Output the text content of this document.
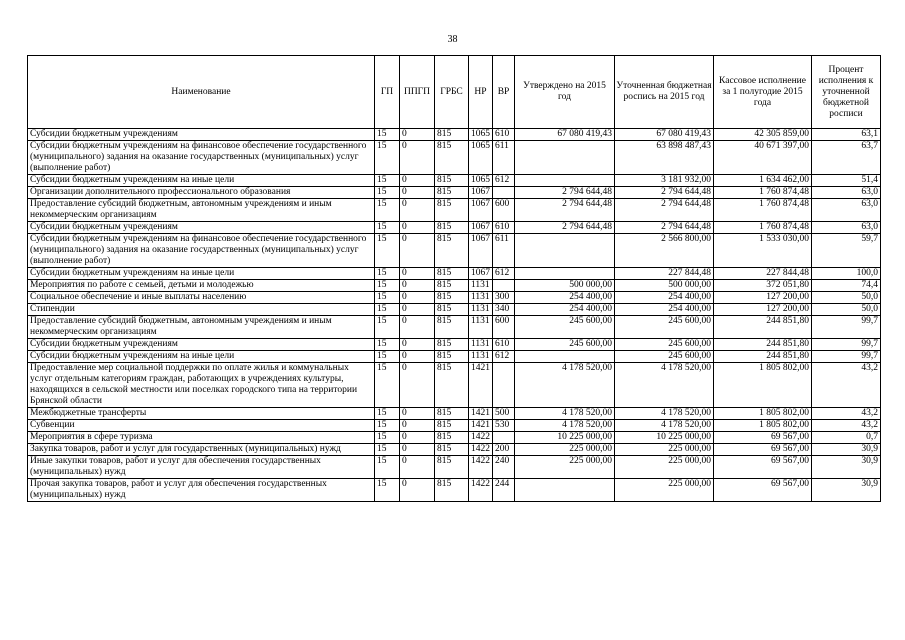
38
Наименование	ГП	ППГП	ГРБС	НР	ВР	Утверждено на 2015 год	Уточненная бюджетная роспись на 2015 год	Кассовое исполнение за 1 полугодие 2015 года	Процент исполнения к уточненной бюджетной росписи
Субсидии бюджетным учреждениям	15	0	815	1065	610	67 080 419,43	67 080 419,43	42 305 859,00	63,1
Субсидии бюджетным учреждениям на финансовое обеспечение государственного (муниципального) задания на оказание государственных (муниципальных) услуг (выполнение работ)	15	0	815	1065	611		63 898 487,43	40 671 397,00	63,7
Субсидии бюджетным учреждениям на иные цели	15	0	815	1065	612		3 181 932,00	1 634 462,00	51,4
Организации дополнительного профессионального образования	15	0	815	1067		2 794 644,48	2 794 644,48	1 760 874,48	63,0
Предоставление субсидий бюджетным, автономным учреждениям и иным некоммерческим организациям	15	0	815	1067	600	2 794 644,48	2 794 644,48	1 760 874,48	63,0
Субсидии бюджетным учреждениям	15	0	815	1067	610	2 794 644,48	2 794 644,48	1 760 874,48	63,0
Субсидии бюджетным учреждениям на финансовое обеспечение государственного (муниципального) задания на оказание государственных (муниципальных) услуг (выполнение работ)	15	0	815	1067	611		2 566 800,00	1 533 030,00	59,7
Субсидии бюджетным учреждениям на иные цели	15	0	815	1067	612		227 844,48	227 844,48	100,0
Мероприятия по работе с семьей, детьми и молодежью	15	0	815	1131		500 000,00	500 000,00	372 051,80	74,4
Социальное обеспечение и иные выплаты населению	15	0	815	1131	300	254 400,00	254 400,00	127 200,00	50,0
Стипендии	15	0	815	1131	340	254 400,00	254 400,00	127 200,00	50,0
Предоставление субсидий бюджетным, автономным учреждениям и иным некоммерческим организациям	15	0	815	1131	600	245 600,00	245 600,00	244 851,80	99,7
Субсидии бюджетным учреждениям	15	0	815	1131	610	245 600,00	245 600,00	244 851,80	99,7
Субсидии бюджетным учреждениям на иные цели	15	0	815	1131	612		245 600,00	244 851,80	99,7
Предоставление мер социальной поддержки по оплате жилья и коммунальных услуг отдельным категориям граждан, работающих в учреждениях культуры, находящихся в сельской местности или поселках городского типа на территории Брянской области	15	0	815	1421		4 178 520,00	4 178 520,00	1 805 802,00	43,2
Межбюджетные трансферты	15	0	815	1421	500	4 178 520,00	4 178 520,00	1 805 802,00	43,2
Субвенции	15	0	815	1421	530	4 178 520,00	4 178 520,00	1 805 802,00	43,2
Мероприятия в сфере туризма	15	0	815	1422		10 225 000,00	10 225 000,00	69 567,00	0,7
Закупка товаров, работ и услуг для государственных (муниципальных) нужд	15	0	815	1422	200	225 000,00	225 000,00	69 567,00	30,9
Иные закупки товаров, работ и услуг для обеспечения государственных (муниципальных) нужд	15	0	815	1422	240	225 000,00	225 000,00	69 567,00	30,9
Прочая закупка товаров, работ и услуг для обеспечения государственных (муниципальных) нужд	15	0	815	1422	244		225 000,00	69 567,00	30,9
